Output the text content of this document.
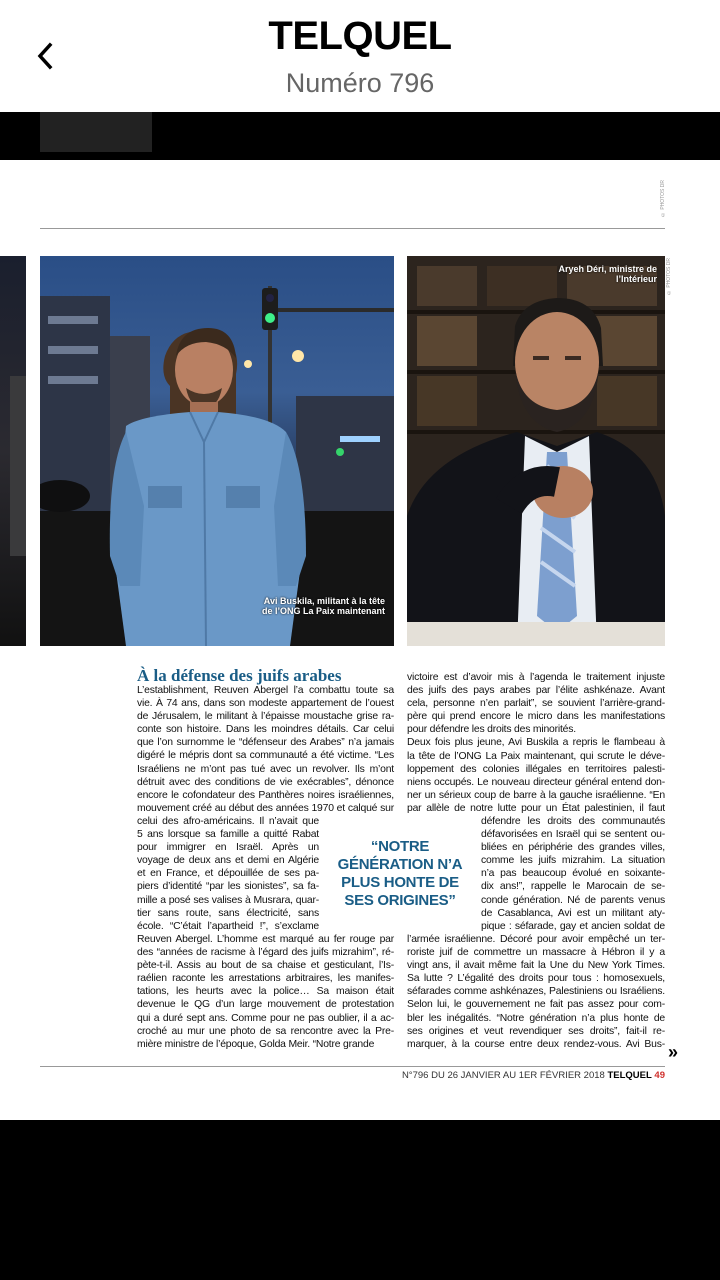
TELQUEL
Numéro 796
© PHOTOS DR
Avi Buskila, militant à la tête de l’ONG La Paix maintenant
© PHOTOS DR
Aryeh Déri, ministre de l’Intérieur
À la défense des juifs arabes

L’establishment, Reuven Abergel l’a combattu toute sa

vie. À 74 ans, dans son modeste appartement de l’ouest

de Jérusalem, le militant à l’épaisse moustache grise ra-

conte son histoire. Dans les moindres détails. Car celui

que l’on surnomme le “défenseur des Arabes” n’a jamais

digéré le mépris dont sa communauté a été victime. “Les

Israéliens ne m’ont pas tué avec un revolver. Ils m’ont

détruit avec des conditions de vie exécrables”, dénonce

encore le cofondateur des Panthères noires israéliennes,

mouvement créé au début des années 1970 et calqué sur

celui des afro-américains. Il n’avait que

5 ans lorsque sa famille a quitté Rabat

pour immigrer en Israël. Après un

voyage de deux ans et demi en Algérie

et en France, et dépouillée de ses pa-

piers d’identité “par les sionistes”, sa fa-

mille a posé ses valises à Musrara, quar-

tier sans route, sans électricité, sans

école. “C’était l’apartheid !”, s’exclame

Reuven Abergel. L’homme est marqué au fer rouge par

des “années de racisme à l’égard des juifs mizrahim”, ré-

pète-t-il. Assis au bout de sa chaise et gesticulant, l’Is-

raélien raconte les arrestations arbitraires, les manifes-

tations, les heurts avec la police… Sa maison était

devenue le QG d’un large mouvement de protestation

qui a duré sept ans. Comme pour ne pas oublier, il a ac-

croché au mur une photo de sa rencontre avec la Pre-

mière ministre de l’époque, Golda Meir. “Notre grande

“NOTRE GÉNÉRATION N’A PLUS HONTE DE SES ORIGINES”

victoire est d’avoir mis à l’agenda le traitement injuste

des juifs des pays arabes par l’élite ashkénaze. Avant

cela, personne n’en parlait”, se souvient l’arrière-grand-

père qui prend encore le micro dans les manifestations

pour défendre les droits des minorités.

Deux fois plus jeune, Avi Buskila a repris le flambeau à

la tête de l’ONG La Paix maintenant, qui scrute le déve-

loppement des colonies illégales en territoires palesti-

niens occupés. Le nouveau directeur général entend don-

ner un sérieux coup de barre à la gauche israélienne. “En

par allèle de notre lutte pour un État palestinien, il faut

défendre les droits des communautés

défavorisées en Israël qui se sentent ou-

bliées en périphérie des grandes villes,

comme les juifs mizrahim. La situation

n’a pas beaucoup évolué en soixante-

dix ans!”, rappelle le Marocain de se-

conde génération. Né de parents venus

de Casablanca, Avi est un militant aty-

pique : séfarade, gay et ancien soldat de

l’armée israélienne. Décoré pour avoir empêché un ter-

roriste juif de commettre un massacre à Hébron il y a

vingt ans, il avait même fait la Une du New York Times.

Sa lutte ? L’égalité des droits pour tous : homosexuels,

séfarades comme ashkénazes, Palestiniens ou Israéliens.

Selon lui, le gouvernement ne fait pas assez pour com-

bler les inégalités. “Notre génération n’a plus honte de

ses origines et veut revendiquer ses droits”, fait-il re-

marquer, à la course entre deux rendez-vous. Avi Bus- »
N°796 DU 26 JANVIER AU 1ER FÉVRIER 2018 TELQUEL 49
